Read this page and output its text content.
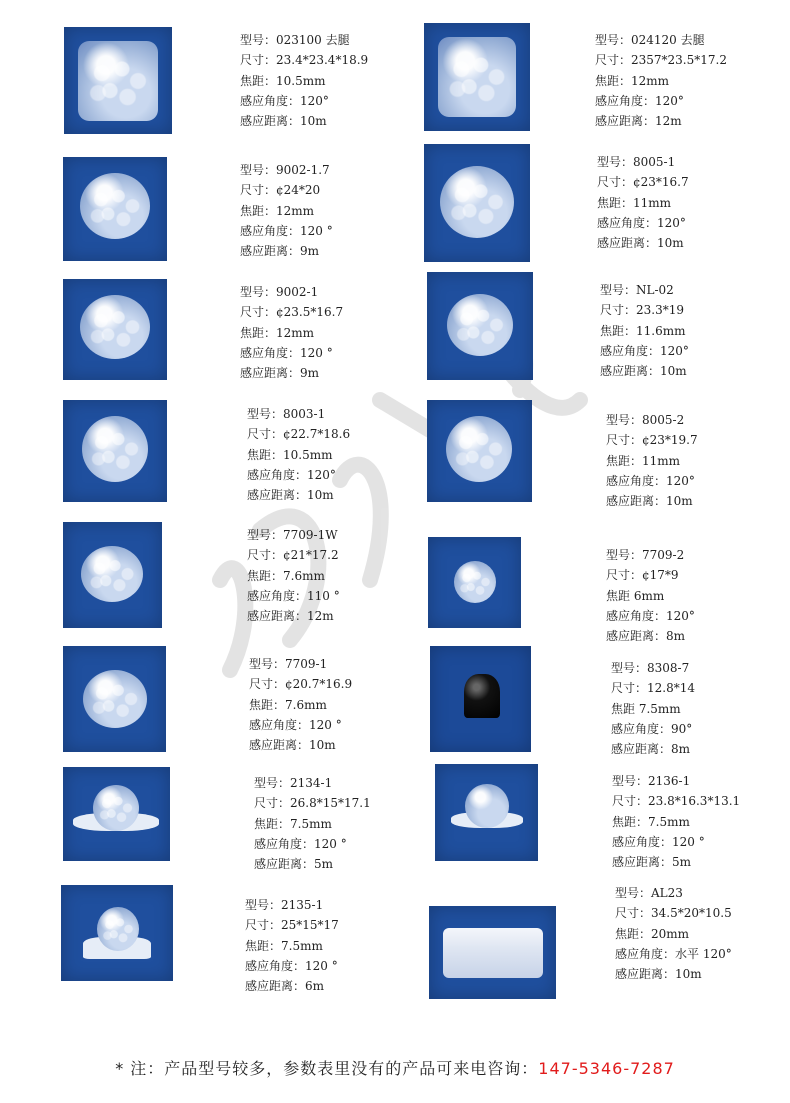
型号：023100 去腿
尺寸：23.4*23.4*18.9
焦距：10.5mm
感应角度：120°
感应距离：10m
型号：024120 去腿
尺寸：2357*23.5*17.2
焦距：12mm
感应角度：120°
感应距离：12m
型号：9002-1.7
尺寸：¢24*20
焦距：12mm
感应角度：120 °
感应距离：9m
型号：8005-1
尺寸：¢23*16.7
焦距：11mm
感应角度：120°
感应距离：10m
型号：9002-1
尺寸：¢23.5*16.7
焦距：12mm
感应角度：120 °
感应距离：9m
型号：NL-02
尺寸：23.3*19
焦距：11.6mm
感应角度：120°
感应距离：10m
型号：8003-1
尺寸：¢22.7*18.6
焦距：10.5mm
感应角度：120°
感应距离：10m
型号：8005-2
尺寸：¢23*19.7
焦距：11mm
感应角度：120°
感应距离：10m
型号：7709-1W
尺寸：¢21*17.2
焦距：7.6mm
感应角度：110 °
感应距离：12m
型号：7709-2
尺寸：¢17*9
焦距 6mm
感应角度：120°
感应距离：8m
型号：7709-1
尺寸：¢20.7*16.9
焦距：7.6mm
感应角度：120 °
感应距离：10m
型号：8308-7
尺寸：12.8*14
焦距 7.5mm
感应角度：90°
感应距离：8m
型号：2134-1
尺寸：26.8*15*17.1
焦距：7.5mm
感应角度：120 °
感应距离：5m
型号：2136-1
尺寸：23.8*16.3*13.1
焦距：7.5mm
感应角度：120 °
感应距离：5m
型号：2135-1
尺寸：25*15*17
焦距：7.5mm
感应角度：120 °
感应距离：6m
型号：AL23
尺寸：34.5*20*10.5
焦距：20mm
感应角度：水平 120°
感应距离：10m
* 注：产品型号较多，参数表里没有的产品可来电咨询：147-5346-7287
